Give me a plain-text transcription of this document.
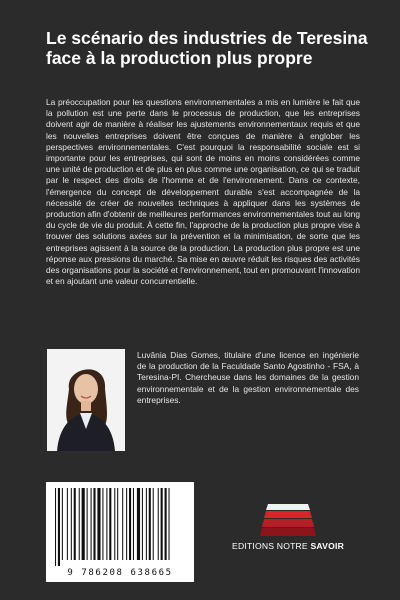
Le scénario des industries de Teresina face à la production plus propre

La préoccupation pour les questions environnementales a mis en lumière le fait que la pollution est une perte dans le processus de production, que les entreprises doivent agir de manière à réaliser les ajustements environnementaux requis et que les nouvelles entreprises doivent être conçues de manière à englober les perspectives environnementales. C'est pourquoi la responsabilité sociale est si importante pour les entreprises, qui sont de moins en moins considérées comme une unité de production et de plus en plus comme une organisation, ce qui se traduit par le respect des droits de l'homme et de l'environnement. Dans ce contexte, l'émergence du concept de développement durable s'est accompagnée de la nécessité de créer de nouvelles techniques à appliquer dans les systèmes de production afin d'obtenir de meilleures performances environnementales tout au long du cycle de vie du produit. À cette fin, l'approche de la production plus propre vise à trouver des solutions axées sur la prévention et la minimisation, de sorte que les entreprises agissent à la source de la production. La production plus propre est une réponse aux pressions du marché. Sa mise en œuvre réduit les risques des activités des organisations pour la société et l'environnement, tout en promouvant l'innovation et en ajoutant une valeur concurrentielle.

Luvânia Dias Gomes, titulaire d'une licence en ingénierie de la production de la Faculdade Santo Agostinho - FSA, à Teresina-PI. Chercheuse dans les domaines de la gestion environnementale et de la gestion environnementale des entreprises.

9 786208 638665
EDITIONS NOTRE SAVOIR
